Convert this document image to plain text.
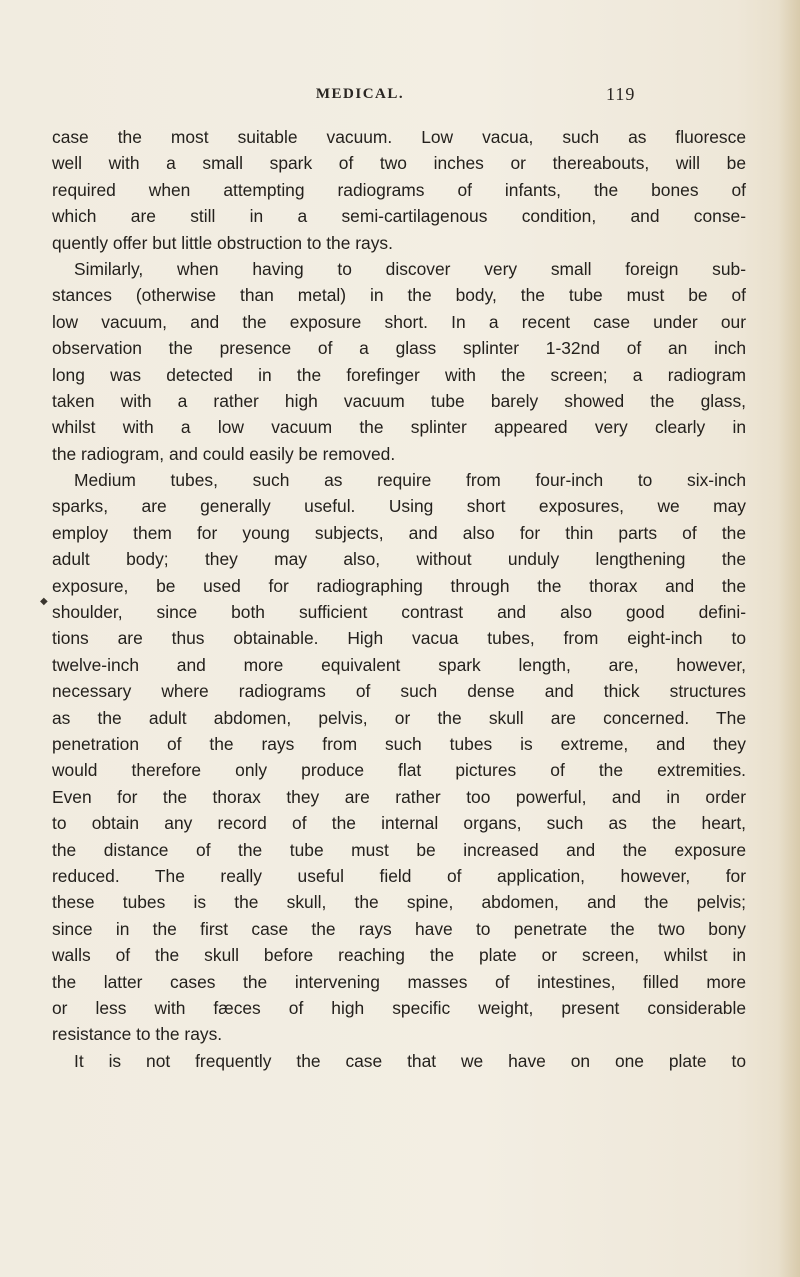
MEDICAL.	119
◆
case the most suitable vacuum. Low vacua, such as fluoresce
well with a small spark of two inches or thereabouts, will be
required when attempting radiograms of infants, the bones of
which are still in a semi-cartilagenous condition, and conse-
quently offer but little obstruction to the rays.
Similarly, when having to discover very small foreign sub-
stances (otherwise than metal) in the body, the tube must be of
low vacuum, and the exposure short. In a recent case under our
observation the presence of a glass splinter 1-32nd of an inch
long was detected in the forefinger with the screen; a radiogram
taken with a rather high vacuum tube barely showed the glass,
whilst with a low vacuum the splinter appeared very clearly in
the radiogram, and could easily be removed.
Medium tubes, such as require from four-inch to six-inch
sparks, are generally useful. Using short exposures, we may
employ them for young subjects, and also for thin parts of the
adult body; they may also, without unduly lengthening the
exposure, be used for radiographing through the thorax and the
shoulder, since both sufficient contrast and also good defini-
tions are thus obtainable. High vacua tubes, from eight-inch to
twelve-inch and more equivalent spark length, are, however,
necessary where radiograms of such dense and thick structures
as the adult abdomen, pelvis, or the skull are concerned. The
penetration of the rays from such tubes is extreme, and they
would therefore only produce flat pictures of the extremities.
Even for the thorax they are rather too powerful, and in order
to obtain any record of the internal organs, such as the heart,
the distance of the tube must be increased and the exposure
reduced. The really useful field of application, however, for
these tubes is the skull, the spine, abdomen, and the pelvis;
since in the first case the rays have to penetrate the two bony
walls of the skull before reaching the plate or screen, whilst in
the latter cases the intervening masses of intestines, filled more
or less with fæces of high specific weight, present considerable
resistance to the rays.
It is not frequently the case that we have on one plate to
